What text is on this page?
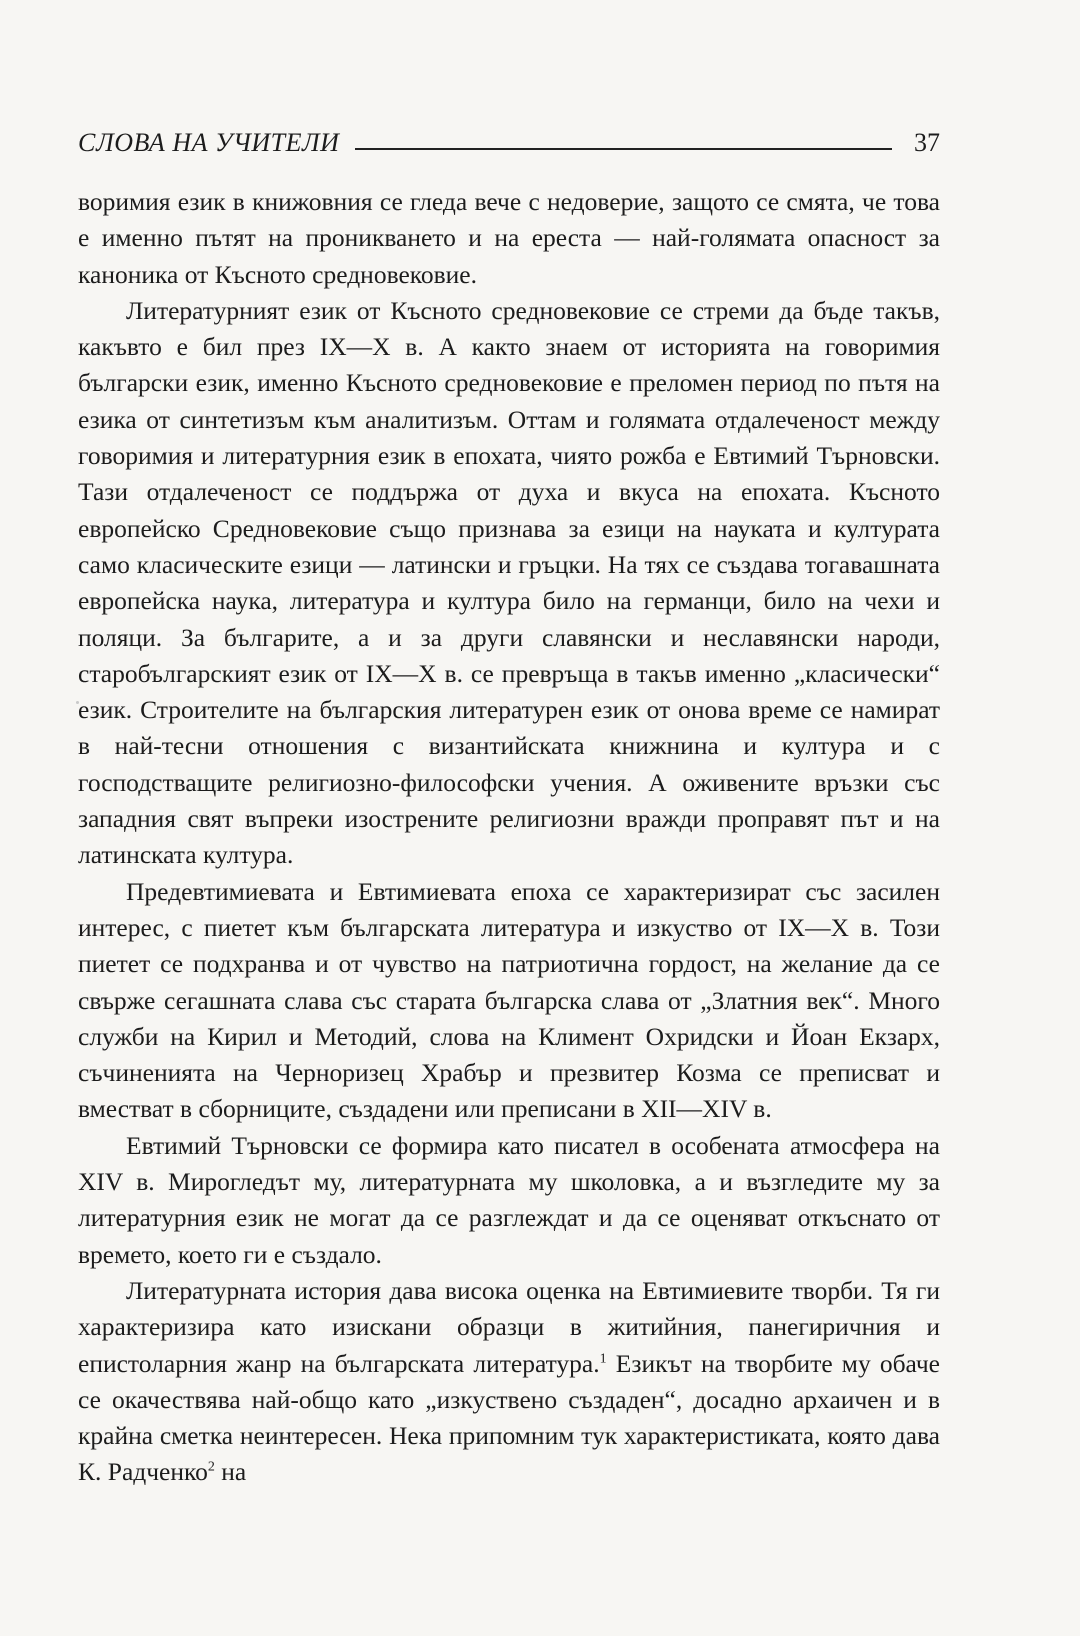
СЛОВА НА УЧИТЕЛИ	37

воримия език в книжовния се гледа вече с недоверие, защото се смята, че това е именно пътят на проникването и на ереста — най-голямата опасност за каноника от Късното средновековие.

Литературният език от Късното средновековие се стреми да бъде такъв, какъвто е бил през IX—X в. А както знаем от историята на говоримия български език, именно Късното средновековие е преломен период по пътя на езика от синтетизъм към аналитизъм. Оттам и голямата отдалеченост между говоримия и литературния език в епохата, чиято рожба е Евтимий Търновски. Тази отдалеченост се поддържа от духа и вкуса на епохата. Късното европейско Средновековие също признава за езици на науката и културата само класическите езици — латински и гръцки. На тях се създава тогавашната европейска наука, литература и култура било на германци, било на чехи и поляци. За българите, а и за други славянски и неславянски народи, старобългарският език от IX—X в. се превръща в такъв именно „класически“ език. Строителите на българския литературен език от онова време се намират в най-тесни отношения с византийската книжнина и култура и с господстващите религиозно-философски учения. А оживените връзки със западния свят въпреки изострените религиозни вражди проправят път и на латинската култура.

Предевтимиевата и Евтимиевата епоха се характеризират със засилен интерес, с пиетет към българската литература и изкуство от IX—X в. Този пиетет се подхранва и от чувство на патриотична гордост, на желание да се свърже сегашната слава със старата българска слава от „Златния век“. Много служби на Кирил и Методий, слова на Климент Охридски и Йоан Екзарх, съчиненията на Черноризец Храбър и презвитер Козма се преписват и вместват в сборниците, създадени или преписани в XII—XIV в.

Евтимий Търновски се формира като писател в особената атмосфера на XIV в. Мирогледът му, литературната му школовка, а и възгледите му за литературния език не могат да се разглеждат и да се оценяват откъснато от времето, което ги е създало.

Литературната история дава висока оценка на Евтимиевите творби. Тя ги характеризира като изискани образци в житийния, панегиричния и епистоларния жанр на българската литература.$^1$ Езикът на творбите му обаче се окачествява най-общо като „изкуствено създаден“, досадно архаичен и в крайна сметка неинтересен. Нека припомним тук характеристиката, която дава К. Радченко$^2$ на
